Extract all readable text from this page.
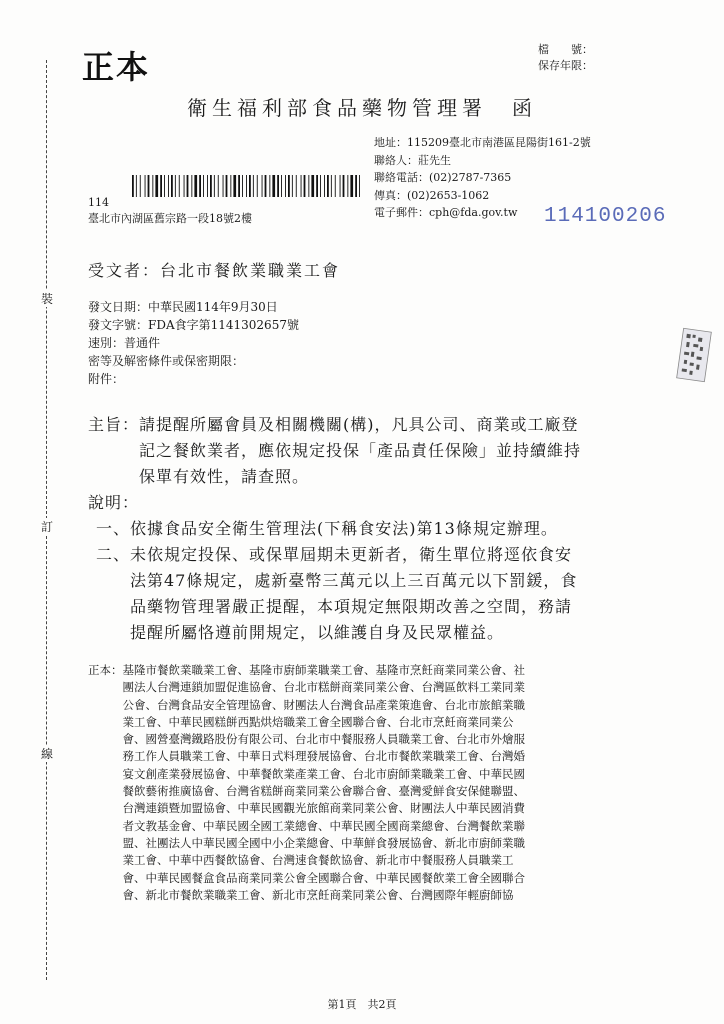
裝
訂
線
正本	檔　　號：
保存年限：
衛生福利部食品藥物管理署　函
地址：115209臺北市南港區昆陽街161-2號
聯絡人：莊先生
聯絡電話：(02)2787-7365
傳真：(02)2653-1062
電子郵件：cph@fda.gov.tw
114
臺北市內湖區舊宗路一段18號2樓	114100206
受文者：台北市餐飲業職業工會
發文日期：中華民國114年9月30日
發文字號：FDA食字第1141302657號
速別：普通件
密等及解密條件或保密期限：
附件：
主旨：請提醒所屬會員及相關機關(構)，凡具公司、商業或工廠登
　　　記之餐飲業者，應依規定投保「產品責任保險」並持續維持
　　　保單有效性，請查照。
說明：
一、依據食品安全衛生管理法(下稱食安法)第13條規定辦理。
二、未依規定投保、或保單屆期未更新者，衛生單位將逕依食安
　　法第47條規定，處新臺幣三萬元以上三百萬元以下罰鍰，食
　　品藥物管理署嚴正提醒，本項規定無限期改善之空間，務請
　　提醒所屬恪遵前開規定，以維護自身及民眾權益。
正本：基隆市餐飲業職業工會、基隆市廚師業職業工會、基隆市烹飪商業同業公會、社
　　　團法人台灣連鎖加盟促進協會、台北市糕餅商業同業公會、台灣區飲料工業同業
　　　公會、台灣食品安全管理協會、財團法人台灣食品產業策進會、台北市旅館業職
　　　業工會、中華民國糕餅西點烘焙職業工會全國聯合會、台北市烹飪商業同業公
　　　會、國營臺灣鐵路股份有限公司、台北市中餐服務人員職業工會、台北市外燴服
　　　務工作人員職業工會、中華日式料理發展協會、台北市餐飲業職業工會、台灣婚
　　　宴文創產業發展協會、中華餐飲業產業工會、台北市廚師業職業工會、中華民國
　　　餐飲藝術推廣協會、台灣省糕餅商業同業公會聯合會、臺灣愛鮮食安保健聯盟、
　　　台灣連鎖暨加盟協會、中華民國觀光旅館商業同業公會、財團法人中華民國消費
　　　者文教基金會、中華民國全國工業總會、中華民國全國商業總會、台灣餐飲業聯
　　　盟、社團法人中華民國全國中小企業總會、中華鮮食發展協會、新北市廚師業職
　　　業工會、中華中西餐飲協會、台灣速食餐飲協會、新北市中餐服務人員職業工
　　　會、中華民國餐盒食品商業同業公會全國聯合會、中華民國餐飲業工會全國聯合
　　　會、新北市餐飲業職業工會、新北市烹飪商業同業公會、台灣國際年輕廚師協
第1頁　共2頁
